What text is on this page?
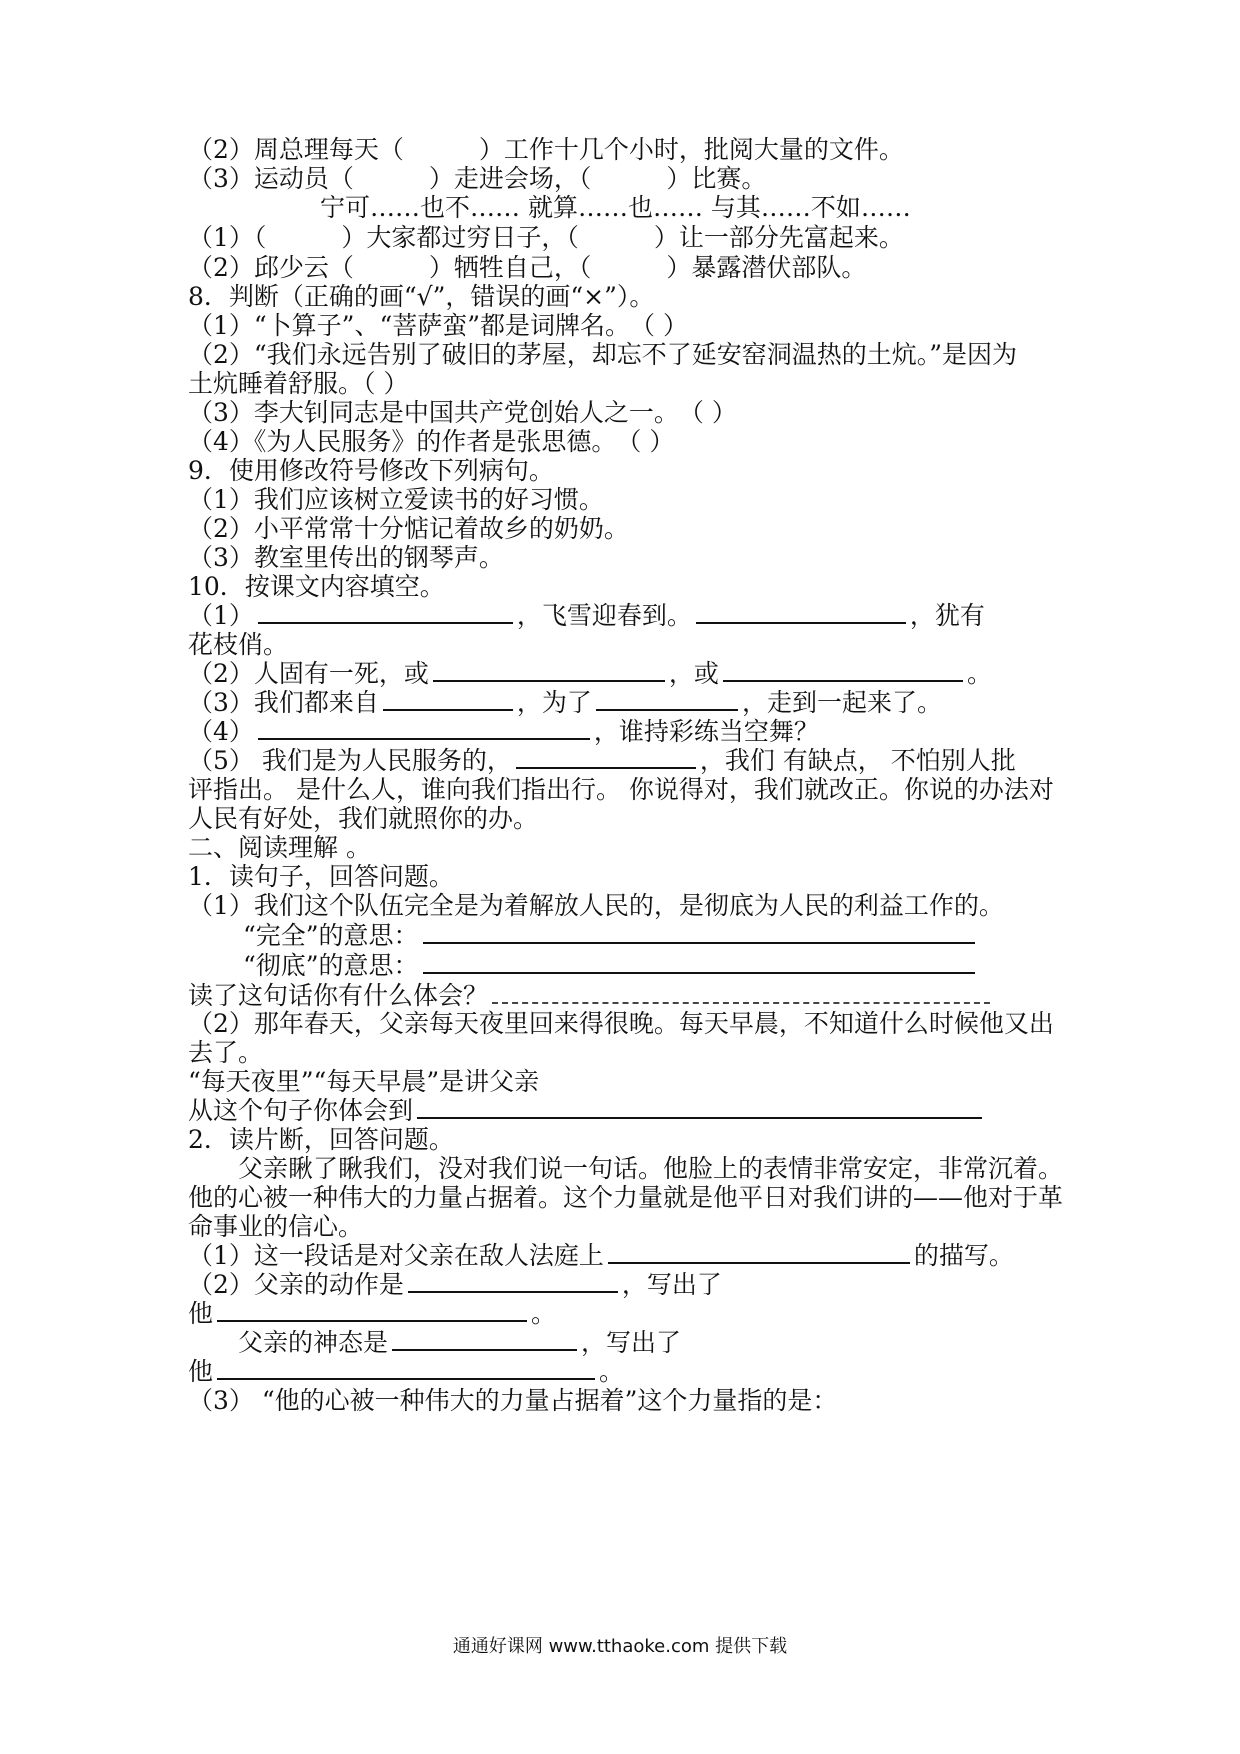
（2）周总理每天（　　　）工作十几个小时，批阅大量的文件。
（3）运动员（　　　）走进会场，（　　　）比赛。
宁可……也不…… 就算……也…… 与其……不如……
（1）（　　　）大家都过穷日子，（　　　）让一部分先富起来。
（2）邱少云（　　　）牺牲自己，（　　　）暴露潜伏部队。
8．判断（正确的画“√”，错误的画“×”）。
（1）“卜算子”、“菩萨蛮”都是词牌名。　（ ）
（2）“我们永远告别了破旧的茅屋，却忘不了延安窑洞温热的土炕。”是因为
土炕睡着舒服。（ ）
（3）李大钊同志是中国共产党创始人之一。　（ ）
（4）《为人民服务》的作者是张思德。　（ ）
9．使用修改符号修改下列病句。
（1）我们应该树立爱读书的好习惯。
（2）小平常常十分惦记着故乡的奶奶。
（3）教室里传出的钢琴声。
10．按课文内容填空。
（1）	，飞雪迎春到。	，犹有
花枝俏。
（2）人固有一死，或	，或	。
（3）我们都来自	，为了	，走到一起来了。
（4）	，谁持彩练当空舞？
（5） 我们是为人民服务的，	，我们 有缺点， 不怕别人批
评指出。 是什么人，谁向我们指出行。 你说得对，我们就改正。你说的办法对
人民有好处，我们就照你的办。
二、阅读理解 。
1．读句子，回答问题。
（1）我们这个队伍完全是为着解放人民的，是彻底为人民的利益工作的。
“完全”的意思：
“彻底”的意思：
读了这句话你有什么体会？
（2）那年春天，父亲每天夜里回来得很晚。每天早晨，不知道什么时候他又出
去了。
“每天夜里”“每天早晨”是讲父亲
从这个句子你体会到
2．读片断，回答问题。
父亲瞅了瞅我们，没对我们说一句话。他脸上的表情非常安定，非常沉着。
他的心被一种伟大的力量占据着。这个力量就是他平日对我们讲的——他对于革
命事业的信心。
（1）这一段话是对父亲在敌人法庭上	的描写。
（2）父亲的动作是	，写出了
他	。
父亲的神态是	，写出了
他	。
（3） “他的心被一种伟大的力量占据着”这个力量指的是：
通通好课网 www.tthaoke.com 提供下载
